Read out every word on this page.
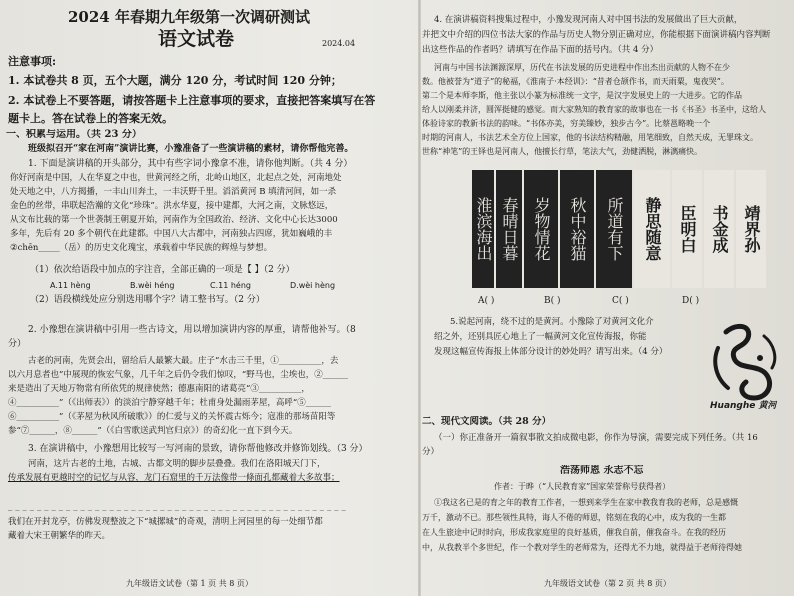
2024 年春期九年级第一次调研测试
语文试卷	2024.04
注意事项:
1. 本试卷共 8 页，五个大题，满分 120 分，考试时间 120 分钟；
2. 本试卷上不要答题，请按答题卡上注意事项的要求，直接把答案填写在答
题卡上。答在试卷上的答案无效。
一、积累与运用。（共 23 分）
班级拟召开“家在河南”演讲比赛，小豫准备了一些演讲稿的素材，请你帮他完善。
1. 下面是演讲稿的开头部分，其中有些字词小豫拿不准，请你他判断。（共 4 分）
你好河南是中国，人在华夏之中也，世黄河经之所，北岭山地区，北起点之处，河南地处
处天地之中，八方揭播，一丰山川奔土，一丰沃野千里。滔滔黄河 B 填清河间，如一杀
金色的丝带，串联起浩瀚的文化“珍珠”。洪水华夏，接中建都，大河之南，文脉悠远，
从文布比载的第一个世袭制王朝夏开始，河南作为全国政治、经济、文化中心长达3000
多年，先后有 20 多个朝代在此建都。中国八大古都中，河南独占四席，犹如巍峨的丰
②chēn_____（岳）的历史文化瑰宝，承载着中华民族的辉煌与梦想。
（1）依次给语段中加点的字注音，全部正确的一项是【 】（2 分）
A.11 hèng	B.wèi héng	C.11 héng	D.wèi hèng
（2）语段横线处应分别选用哪个字？请工整书写。（2 分）
2. 小豫想在演讲稿中引用一些古诗文，用以增加演讲内容的厚重，请帮他补写。（8
分）
古老的河南，先贤会出，留给后人最繁大最。庄子“水击三千里，①__________，去
以六月息者也”中展现的恢宏气象，几千年之后仍令我们惊叹，“野马也，尘埃也，②______
来是造出了天地万物常有所依凭的规律使然；德惠南阳的诸葛亮“③__________，
④__________”（《出师表》）的淡泊宁静穿越千年；杜甫身处漏雨茅屋，高呼“⑤______
⑥__________”（《茅屋为秋风所破歌》）的仁爱与义的关怀震古烁今；寇准的那场苗阳等
参“⑦______，⑧______”（《白雪歌送武判官归京》）的奇幻化一直下到今天。
3. 在演讲稿中，小豫想用比较写一写河南的景致，请你帮他修改并修饰划线。（3 分）
河南，这片古老的土地，古城、古都文明的脚步层叠叠。我们在洛阳城天门下，
传承发展有更越时空的记忆与从容，龙门石窟里的千万法像带一條面孔都藏着大多故事；
_______________________________________________
我们在开封龙亭，仿佛发现整波之下“城摞城”的奇观，清明上河园里的每一处细节都
藏着大宋王朝繁华的昨天。
九年级语文试卷（第 1 页 共 8 页）
4. 在演讲稿资料搜集过程中，小豫发现河南人对中国书法的发展做出了巨大贡献，
并把文中介绍的四位书法大家的作品与历史人物分别正确对应，你能根据下面演讲稿内容判断
出这些作品的作者吗？请填写在作品下面的括号内。（共 4 分）
河南与中国书法渊源深厚，历代在书法发展的历史进程中作出杰出贡献的人物不在少
数。他被誉为“道子”的秘福，《淮南子·本经训》：“昔者仓颉作书，而天雨粟，鬼夜哭”。
第二个是本师李斯，他主张以小篆为标准统一文字，是汉字发展史上的一大进步。它的作品
给人以刚柔并济，圆浑挺健的感觉。而大家熟知的教育家的故事也在一书《书圣》书圣中，这给人
体验诗家的教新书法的韵味。“书体亦美，穷美臻妙，独步古今”。比蔡邕略晚一个
时期的河南人，书法艺术全方位上国家，他的书法结构精融，用笔细致，自然天成，无罪珠文。
世称“神笔”的王铎也是河南人，他擅长行草，笔法大气，劲健洒脱，淋漓痛快。
淮滨海出 春晴日暮 岁物情花 秋中裕猫 所道有下 静思随意 臣明白 书金成 靖界孙
A( )	B( )	C( )	D( )
5.说起河南，绕不过的是黄河。小豫除了对黄河文化介
绍之外，还别具匠心地上了一幅黄河文化宣传海报，你能
发现这幅宣传海报上体部分设计的妙处吗？请写出来。（4 分）
Huanghe 黄河
二、现代文阅读。（共 28 分）
（一）你正准备开一篇叙事散文拍成微电影，你作为导演，需要完成下列任务。（共 16
分）
浩荡师恩 永志不忘
作者：于晔（“人民教育家”国家荣誉称号获得者）
①我这名已是的育之年的教育工作者，一想到来学生在家中教我育我的老师，总是感慨
万千，激动不已。那些领性具特，诲人不倦的师恩，铭刻在我的心中，成为我的一生都
在人生旅途中记时时向，形成我家庭里的良好基质，催我自前，催我奋斗。在我的经历
中，从我教半个多世纪，作一个教对学生的老师常为，还得尤不力地，就得益于老师待得她
九年级语文试卷（第 2 页 共 8 页）
